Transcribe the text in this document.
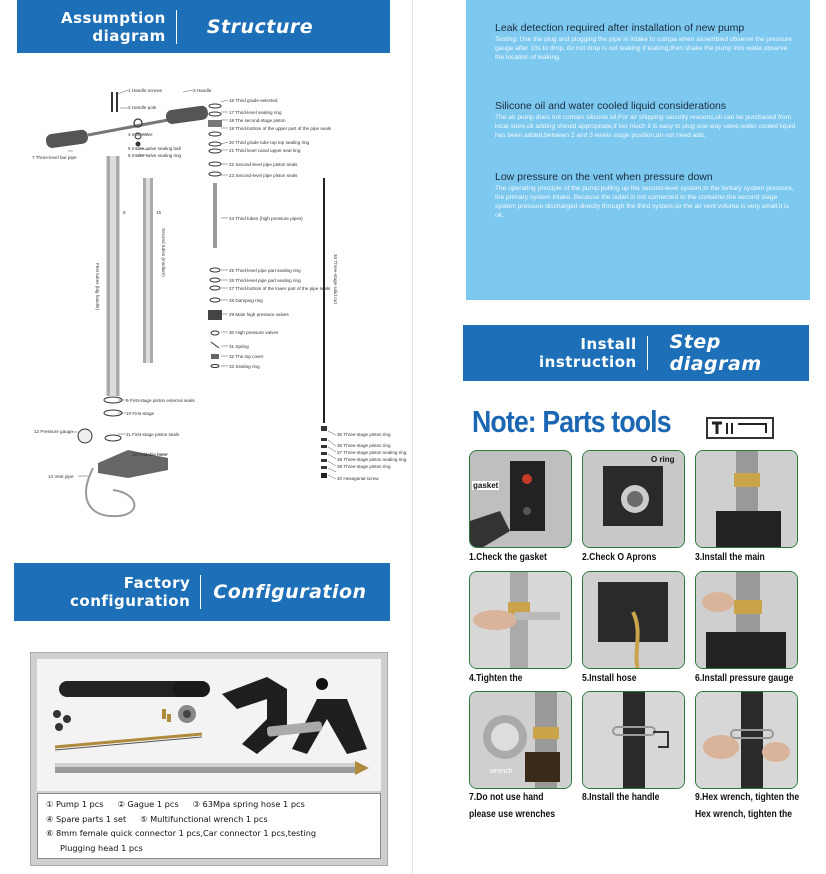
Assumption
diagram	Structure
1 Handle screws	3 Handle
2 Handle pole
4 Inlet valve
5 Intake valve sealing ball
6 Intake valve sealing ring
7 Three-level bar pipe
16 Third grade-selected
17 Third-level sealing ring
18 The second-stage piston
19 Third-bottom of the upper part of the pipe seals
20 Third grade tube top top sealing ring
21 Third level canal upper seal ring
22 Second-level pipe piston seals
23 Second-level pipe piston seals
24 Third tubes (high pressure pipes)
8	15
First tubes (big handle)
Second tubes (medium)	25 Third-level pipe part sealing ring
26 Third-level pipe part sealing ring
27 Third-bottom of the lower part of the pipe seals
28 Damping ring
29 Main high pressure valves
30 High pressure valves
31 Spring
32 The top cover
33 Sealing ring
34 Three-stage solid rod
9 First-stage piston external seals
10 First-stage
12 Pressure gauge
11 First-stage piston seals
13 Foldable base
14 Vent pipe
35 Three-stage piston ring
36 Three-stage piston ring
37 Three-stage piston sealing ring
38 Three-stage piston sealing ring
39 Three-stage piston ring
40 Hexagonal screw
Factory
configuration Configuration
① Pump 1 pcs ② Gague 1 pcs ③ 63Mpa spring hose 1 pcs
④ Spare parts 1 set ⑤ Multifunctional wrench 1 pcs
⑥ 8mm female quick connector 1 pcs,Car connector 1 pcs,testing
Plugging head 1 pcs
Leak detection required after installation of new pump
Testing: Use the plug and plugging the pipe in intake to compa when assembled observe the pressure gauge after 10s to drop, do not drop is not leaking if leaking,then shake the pump into water,observe the location of leaking.
Silicone oil and water cooled liquid considerations
The air pump does not contain silicone oil,For air shipping security reasons,oil can be purchased from local store,oil adding should appropriate,if too much it is easy to plug one-way valve,water cooled liquid has been added,between 2 and 3 levels stage position,do not need add.
Low pressure on the vent when pressure down
The operating principle of the pump:pulling up the second-level system,to the tertiary system pressure, the primary system intake. Because the outlet is not connected to the container,the second stage system pressure discharged directly through the third system,so the air vent volume is very small,it is ok.
Install
instruction
Step diagram
Note: Parts tools
gasket
1.Check the gasket
O ring
2.Check O Aprons	3.Install the main
4.Tighten the	5.Install hose	6.Install pressure gauge
wrench
7.Do not use hand
please use wrenches
8.Install the handle	9.Hex wrench, tighten the
Hex wrench, tighten the
